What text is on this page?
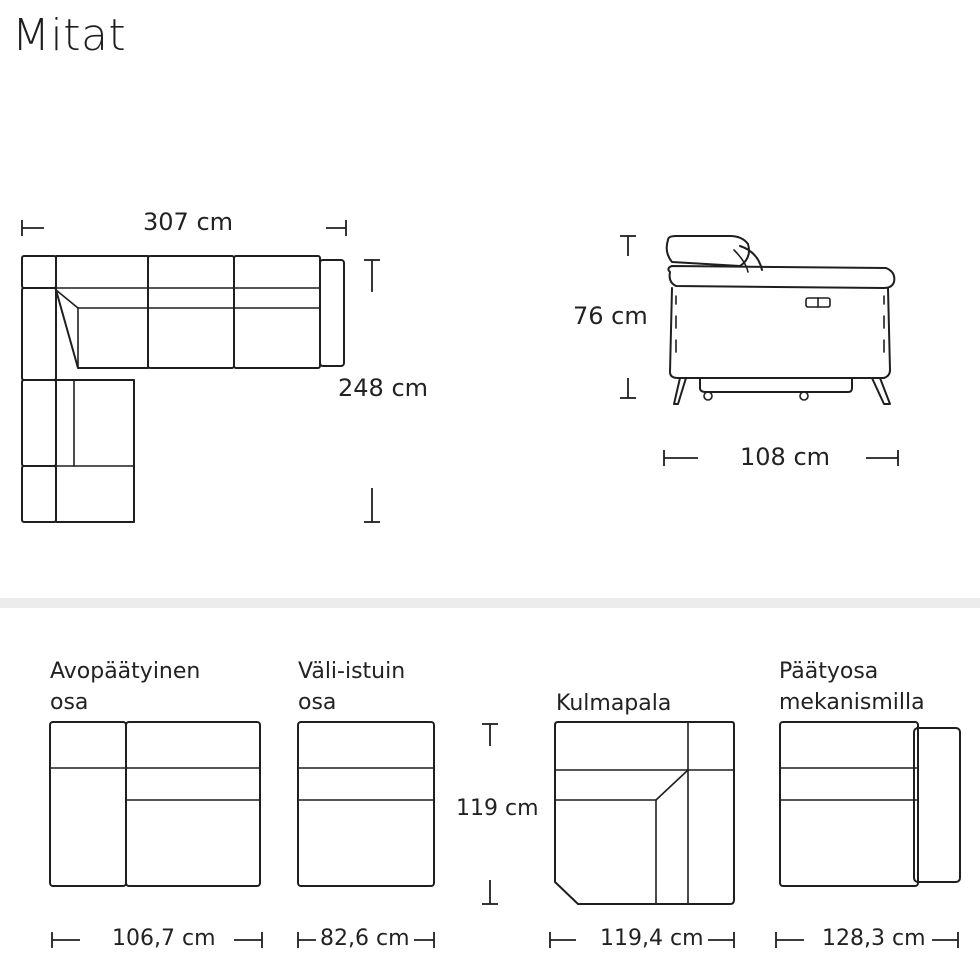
Mitat
307 cm
248 cm
76 cm
108 cm
Avopäätyinen
osa
Väli-istuin
osa	Kulmapala
Päätyosa
mekanismilla
119 cm
106,7 cm	82,6 cm	119,4 cm	128,3 cm
